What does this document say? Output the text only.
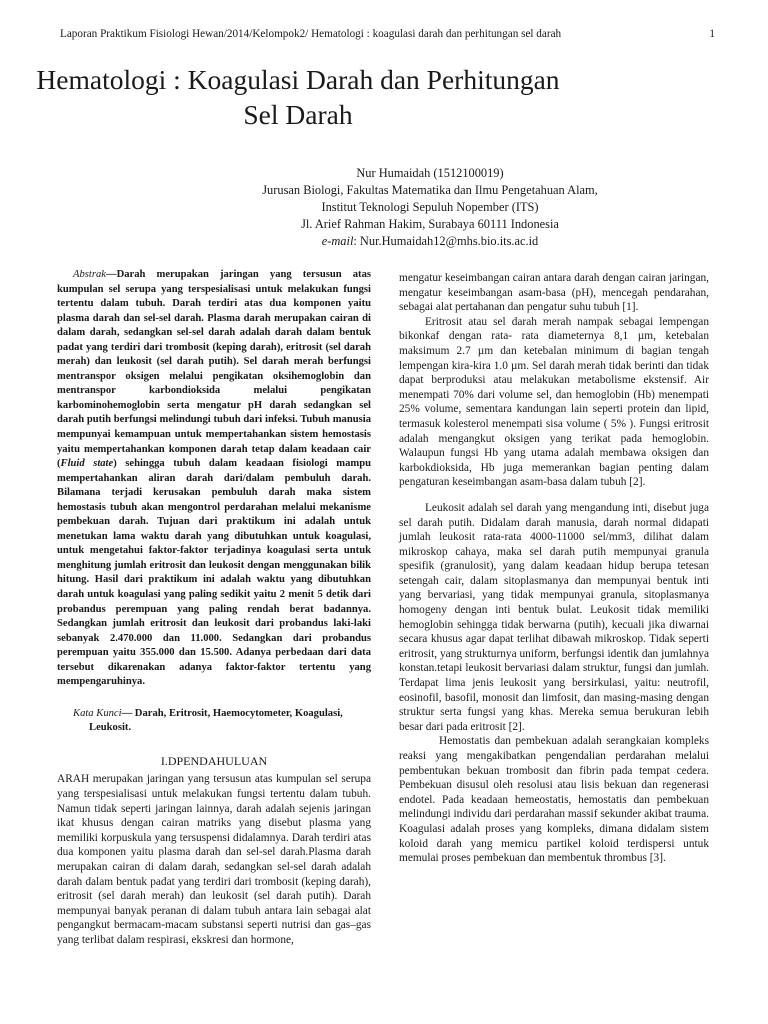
Laporan Praktikum Fisiologi Hewan/2014/Kelompok2/ Hematologi : koagulasi darah dan perhitungan sel darah	1
Hematologi : Koagulasi Darah dan Perhitungan
Sel Darah
Nur Humaidah (1512100019)
Jurusan Biologi, Fakultas Matematika dan Ilmu Pengetahuan Alam,
Institut Teknologi Sepuluh Nopember (ITS)
Jl. Arief Rahman Hakim, Surabaya 60111 Indonesia
e-mail: Nur.Humaidah12@mhs.bio.its.ac.id

Abstrak—Darah merupakan jaringan yang tersusun atas kumpulan sel serupa yang terspesialisasi untuk melakukan fungsi tertentu dalam tubuh. Darah terdiri atas dua komponen yaitu plasma darah dan sel-sel darah. Plasma darah merupakan cairan di dalam darah, sedangkan sel-sel darah adalah darah dalam bentuk padat yang terdiri dari trombosit (keping darah), eritrosit (sel darah merah) dan leukosit (sel darah putih). Sel darah merah berfungsi mentranspor oksigen melalui pengikatan oksihemoglobin dan mentranspor karbondioksida melalui pengikatan karbominohemoglobin serta mengatur pH darah sedangkan sel darah putih berfungsi melindungi tubuh dari infeksi. Tubuh manusia mempunyai kemampuan untuk mempertahankan sistem hemostasis yaitu mempertahankan komponen darah tetap dalam keadaan cair (Fluid state) sehingga tubuh dalam keadaan fisiologi mampu mempertahankan aliran darah dari/dalam pembuluh darah. Bilamana terjadi kerusakan pembuluh darah maka sistem hemostasis tubuh akan mengontrol perdarahan melalui mekanisme pembekuan darah. Tujuan dari praktikum ini adalah untuk menetukan lama waktu darah yang dibutuhkan untuk koagulasi, untuk mengetahui faktor-faktor terjadinya koagulasi serta untuk menghitung jumlah eritrosit dan leukosit dengan menggunakan bilik hitung. Hasil dari praktikum ini adalah waktu yang dibutuhkan darah untuk koagulasi yang paling sedikit yaitu 2 menit 5 detik dari probandus perempuan yang paling rendah berat badannya. Sedangkan jumlah eritrosit dan leukosit dari probandus laki-laki sebanyak 2.470.000 dan 11.000. Sedangkan dari probandus perempuan yaitu 355.000 dan 15.500. Adanya perbedaan dari data tersebut dikarenakan adanya faktor-faktor tertentu yang mempengaruhinya.

Kata Kunci— Darah, Eritrosit, Haemocytometer, Koagulasi,
Leukosit.
I.DPENDAHULUAN

ARAH merupakan jaringan yang tersusun atas kumpulan sel serupa yang terspesialisasi untuk melakukan fungsi tertentu dalam tubuh. Namun tidak seperti jaringan lainnya, darah adalah sejenis jaringan ikat khusus dengan cairan matriks yang disebut plasma yang memiliki korpuskula yang tersuspensi didalamnya. Darah terdiri atas dua komponen yaitu plasma darah dan sel-sel darah.Plasma darah merupakan cairan di dalam darah, sedangkan sel-sel darah adalah darah dalam bentuk padat yang terdiri dari trombosit (keping darah), eritrosit (sel darah merah) dan leukosit (sel darah putih). Darah mempunyai banyak peranan di dalam tubuh antara lain sebagai alat pengangkut bermacam-macam substansi seperti nutrisi dan gas–gas yang terlibat dalam respirasi, ekskresi dan hormone,

mengatur keseimbangan cairan antara darah dengan cairan jaringan, mengatur keseimbangan asam-basa (pH), mencegah pendarahan, sebagai alat pertahanan dan pengatur suhu tubuh [1].

Eritrosit atau sel darah merah nampak sebagai lempengan bikonkaf dengan rata- rata diameternya 8,1 µm, ketebalan maksimum 2.7 µm dan ketebalan minimum di bagian tengah lempengan kira-kira 1.0 µm. Sel darah merah tidak berinti dan tidak dapat berproduksi atau melakukan metabolisme ekstensif. Air menempati 70% dari volume sel, dan hemoglobin (Hb) menempati 25% volume, sementara kandungan lain seperti protein dan lipid, termasuk kolesterol menempati sisa volume ( 5% ). Fungsi eritrosit adalah mengangkut oksigen yang terikat pada hemoglobin. Walaupun fungsi Hb yang utama adalah membawa oksigen dan karbokdioksida, Hb juga memerankan bagian penting dalam pengaturan keseimbangan asam-basa dalam tubuh [2].

Leukosit adalah sel darah yang mengandung inti, disebut juga sel darah putih. Didalam darah manusia, darah normal didapati jumlah leukosit rata-rata 4000-11000 sel/mm3, dilihat dalam mikroskop cahaya, maka sel darah putih mempunyai granula spesifik (granulosit), yang dalam keadaan hidup berupa tetesan setengah cair, dalam sitoplasmanya dan mempunyai bentuk inti yang bervariasi, yang tidak mempunyai granula, sitoplasmanya homogeny dengan inti bentuk bulat. Leukosit tidak memiliki hemoglobin sehingga tidak berwarna (putih), kecuali jika diwarnai secara khusus agar dapat terlihat dibawah mikroskop. Tidak seperti eritrosit, yang strukturnya uniform, berfungsi identik dan jumlahnya konstan.tetapi leukosit bervariasi dalam struktur, fungsi dan jumlah. Terdapat lima jenis leukosit yang bersirkulasi, yaitu: neutrofil, eosinofil, basofil, monosit dan limfosit, dan masing-masing dengan struktur serta fungsi yang khas. Mereka semua berukuran lebih besar dari pada eritrosit [2].

Hemostatis dan pembekuan adalah serangkaian kompleks reaksi yang mengakibatkan pengendalian perdarahan melalui pembentukan bekuan trombosit dan fibrin pada tempat cedera. Pembekuan disusul oleh resolusi atau lisis bekuan dan regenerasi endotel. Pada keadaan hemeostatis, hemostatis dan pembekuan melindungi individu dari perdarahan massif sekunder akibat trauma. Koagulasi adalah proses yang kompleks, dimana didalam sistem koloid darah yang memicu partikel koloid terdispersi untuk memulai proses pembekuan dan membentuk thrombus [3].
